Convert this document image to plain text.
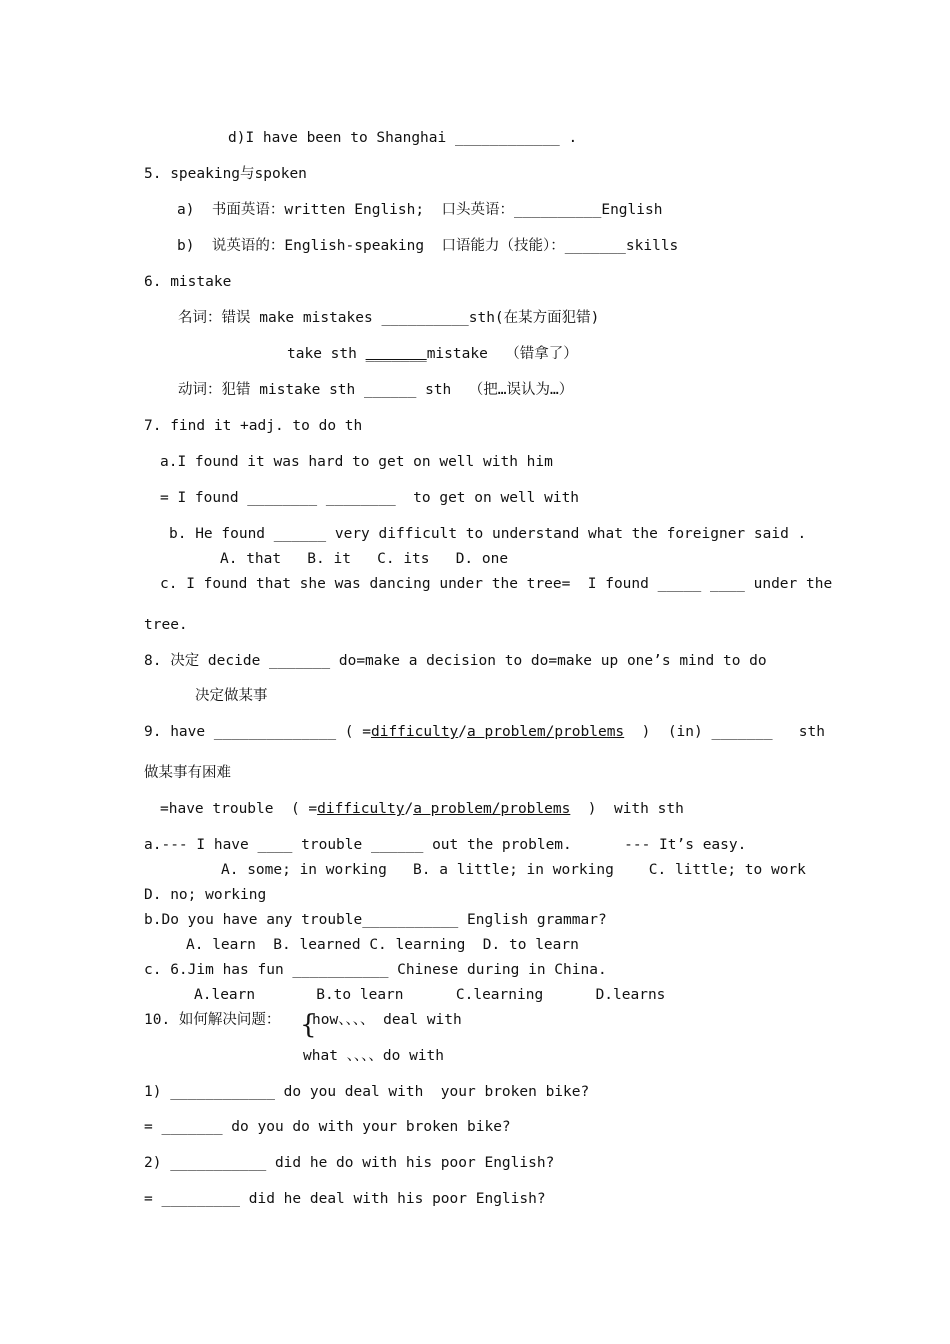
d)I have been to Shanghai ____________ .
5. speaking与spoken
a)  书面英语：written English;  口头英语：__________English
b)  说英语的：English-speaking  口语能力（技能）：_______skills
6. mistake
名词：错误 make mistakes __________sth(在某方面犯错)
take sth _______mistake  （错拿了）
动词：犯错 mistake sth ______ sth  （把…误认为…）
7. find it +adj. to do th
a.I found it was hard to get on well with him
= I found ________ ________  to get on well with
b. He found ______ very difficult to understand what the foreigner said .
A. that   B. it   C. its   D. one
c. I found that she was dancing under the tree=  I found _____ ____ under the
tree.
8. 决定 decide _______ do=make a decision to do=make up one’s mind to do
决定做某事
9. have ______________ ( =difficulty/a problem/problems  )  (in) _______   sth
做某事有困难
=have trouble  ( =difficulty/a problem/problems  )  with sth
a.--- I have ____ trouble ______ out the problem.      --- It’s easy.
A. some; in working   B. a little; in working    C. little; to work
D. no; working
b.Do you have any trouble___________ English grammar?
A. learn  B. learned C. learning  D. to learn
c. 6.Jim has fun ___________ Chinese during in China.
A.learn       B.to learn      C.learning      D.learns
10. 如何解决问题： {
how、、、、 deal with
what 、、、、do with
1) ____________ do you deal with  your broken bike?
= _______ do you do with your broken bike?
2) ___________ did he do with his poor English?
= _________ did he deal with his poor English?
